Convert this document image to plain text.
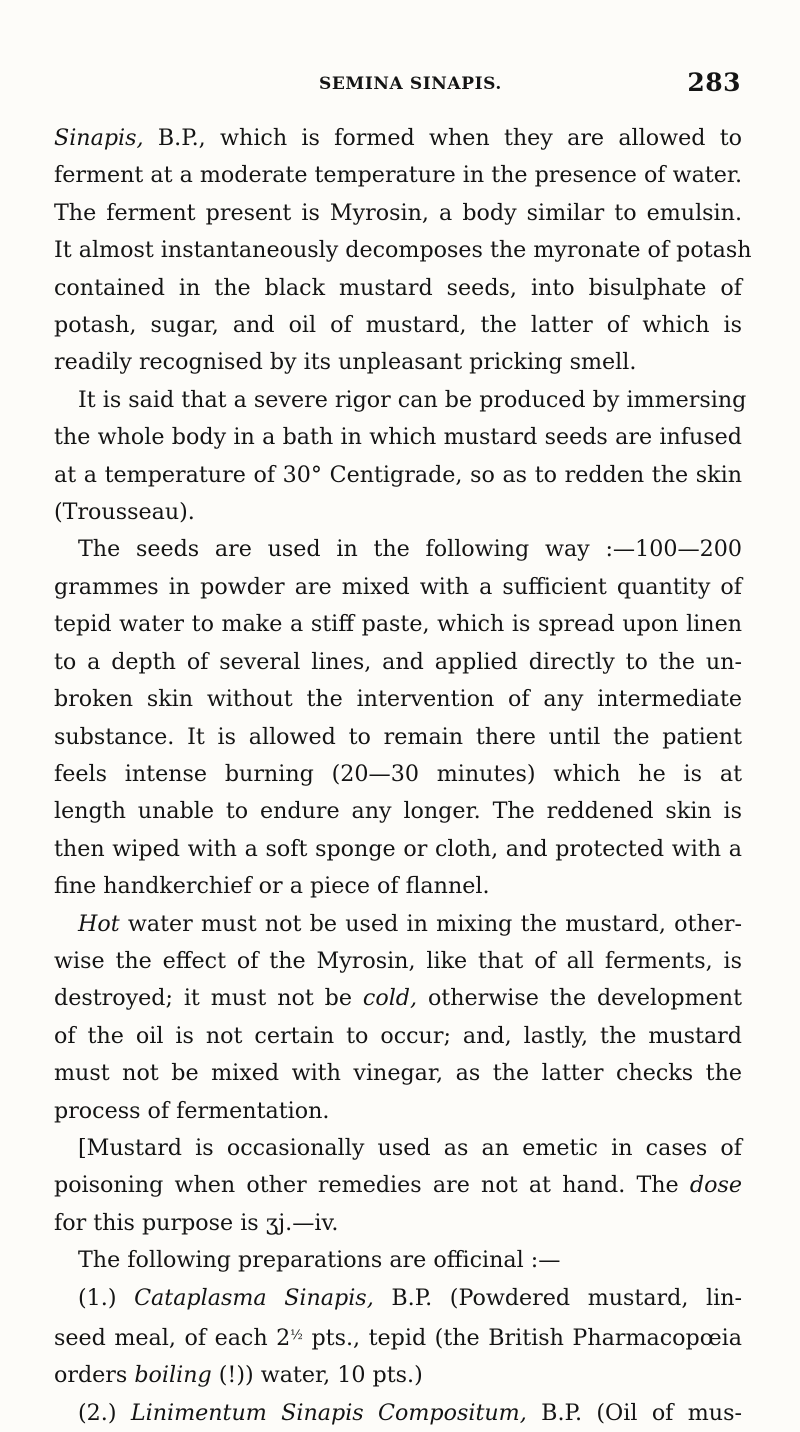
SEMINA SINAPIS.	283
Sinapis, B.P., which is formed when they are allowed to
ferment at a moderate temperature in the presence of water.
The ferment present is Myrosin, a body similar to emulsin.
It almost instantaneously decomposes the myronate of potash
contained in the black mustard seeds, into bisulphate of
potash, sugar, and oil of mustard, the latter of which is
readily recognised by its unpleasant pricking smell.
It is said that a severe rigor can be produced by immersing
the whole body in a bath in which mustard seeds are infused
at a temperature of 30° Centigrade, so as to redden the skin
(Trousseau).
The seeds are used in the following way :—100—200
grammes in powder are mixed with a sufficient quantity of
tepid water to make a stiff paste, which is spread upon linen
to a depth of several lines, and applied directly to the un-
broken skin without the intervention of any intermediate
substance. It is allowed to remain there until the patient
feels intense burning (20—30 minutes) which he is at
length unable to endure any longer. The reddened skin is
then wiped with a soft sponge or cloth, and protected with a
fine handkerchief or a piece of flannel.
Hot water must not be used in mixing the mustard, other-
wise the effect of the Myrosin, like that of all ferments, is
destroyed; it must not be cold, otherwise the development
of the oil is not certain to occur; and, lastly, the mustard
must not be mixed with vinegar, as the latter checks the
process of fermentation.
[Mustard is occasionally used as an emetic in cases of
poisoning when other remedies are not at hand. The dose
for this purpose is ʒj.—iv.
The following preparations are officinal :—
(1.) Cataplasma Sinapis, B.P. (Powdered mustard, lin-
seed meal, of each $2^{\frac{1}{2}}$ pts., tepid (the British Pharmacopœia
orders boiling (!)) water, 10 pts.)
(2.) Linimentum Sinapis Compositum, B.P. (Oil of mus-
